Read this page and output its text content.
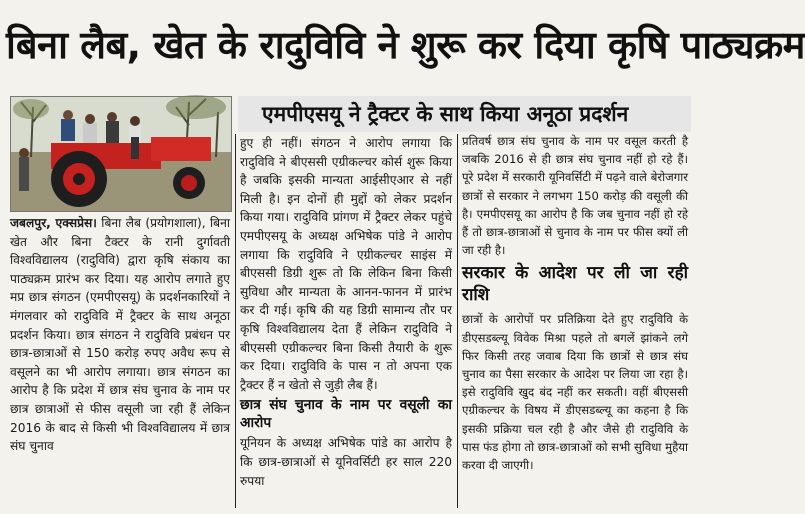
बिना लैब, खेत के रादुविवि ने शुरू कर दिया कृषि पाठ्यक्रम
एमपीएसयू ने ट्रैक्टर के साथ किया अनूठा प्रदर्शन

जबलपुर, एक्सप्रेस। बिना लैब (प्रयोगशाला), बिना खेत और बिना टैक्टर के रानी दुर्गावती विश्वविद्यालय (रादुविवि) द्वारा कृषि संकाय का पाठ्यक्रम प्रारंभ कर दिया। यह आरोप लगाते हुए मप्र छात्र संगठन (एमपीएसयू) के प्रदर्शनकारियों ने मंगलवार को रादुविवि में ट्रैक्टर के साथ अनूठा प्रदर्शन किया। छात्र संगठन ने रादुविवि प्रबंधन पर छात्र-छात्राओं से 150 करोड़ रुपए अवैध रूप से वसूलने का भी आरोप लगाया। छात्र संगठन का आरोप है कि प्रदेश में छात्र संघ चुनाव के नाम पर छात्र छात्राओं से फीस वसूली जा रही हैं लेकिन 2016 के बाद से किसी भी विश्वविद्यालय में छात्र संघ चुनाव

हुए ही नहीं। संगठन ने आरोप लगाया कि रादुविवि ने बीएससी एग्रीकल्चर कोर्स शुरू किया है जबकि इसकी मान्यता आईसीएआर से नहीं मिली है। इन दोनों ही मुद्दों को लेकर प्रदर्शन किया गया। रादुविवि प्रांगण में ट्रैक्टर लेकर पहुंचे एमपीएसयू के अध्यक्ष अभिषेक पांडे ने आरोप लगाया कि रादुविवि ने एग्रीकल्चर साइंस में बीएससी डिग्री शुरू तो कि लेकिन बिना किसी सुविधा और मान्यता के आनन-फानन में प्रारंभ कर दी गई। कृषि की यह डिग्री सामान्य तौर पर कृषि विश्वविद्यालय देता हैं लेकिन रादुविवि ने बीएससी एग्रीकल्चर बिना किसी तैयारी के शुरू कर दिया। रादुविवि के पास न तो अपना एक ट्रैक्टर हैं न खेतो से जुड़ी लैब हैं।

छात्र संघ चुनाव के नाम पर वसूली का आरोप

यूनियन के अध्यक्ष अभिषेक पांडे का आरोप है कि छात्र-छात्राओं से यूनिवर्सिटी हर साल 220 रुपया

प्रतिवर्ष छात्र संघ चुनाव के नाम पर वसूल करती है जबकि 2016 से ही छात्र संघ चुनाव नहीं हो रहे हैं। पूरे प्रदेश में सरकारी यूनिवर्सिटी में पढ़ने वाले बेरोजगार छात्रों से सरकार ने लगभग 150 करोड़ की वसूली की है। एमपीएसयू का आरोप है कि जब चुनाव नहीं हो रहे हैं तो छात्र-छात्राओं से चुनाव के नाम पर फीस क्यों ली जा रही है।

सरकार के आदेश पर ली जा रही राशि

छात्रों के आरोपों पर प्रतिक्रिया देते हुए रादुविवि के डीएसडब्ल्यू विवेक मिश्रा पहले तो बगलें झांकने लगे फिर किसी तरह जवाब दिया कि छात्रों से छात्र संघ चुनाव का पैसा सरकार के आदेश पर लिया जा रहा है। इसे रादुविवि खुद बंद नहीं कर सकती। वहीं बीएससी एग्रीकल्चर के विषय में डीएसडब्ल्यू का कहना है कि इसकी प्रक्रिया चल रही है और जैसे ही रादुविवि के पास फंड होगा तो छात्र-छात्राओं को सभी सुविधा मुहैया करवा दी जाएगी।
